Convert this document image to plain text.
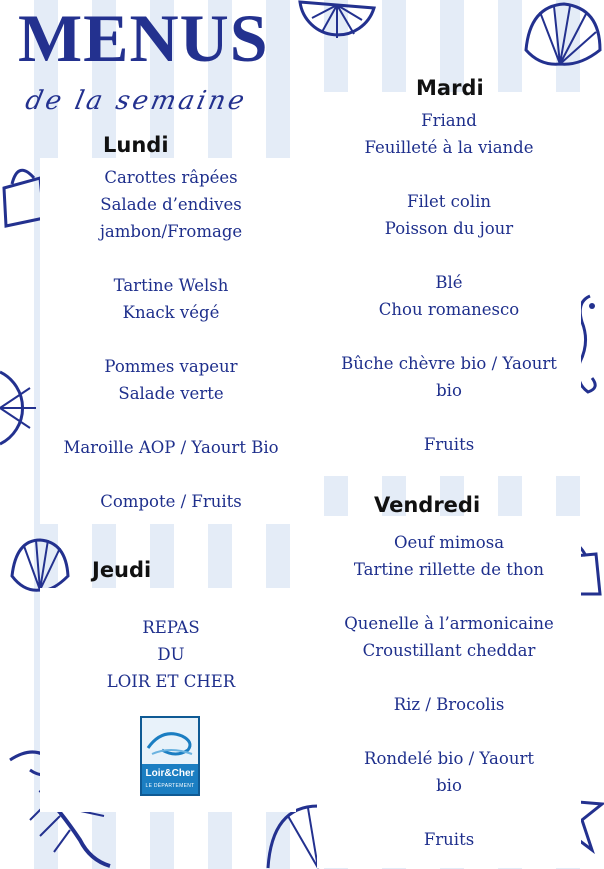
MENUS
de la semaine
Lundi
Mardi
Jeudi
Vendredi
Carottes râpées
Salade d’endives
jambon/Fromage
Tartine Welsh
Knack végé
Pommes vapeur
Salade verte
Maroille AOP / Yaourt Bio
Compote / Fruits
Friand
Feuilleté à la viande
Filet colin
Poisson du jour
Blé
Chou romanesco
Bûche chèvre bio / Yaourt
bio
Fruits
REPAS
DU
LOIR ET CHER
Oeuf mimosa
Tartine rillette de thon
Quenelle à l’armonicaine
Croustillant cheddar
Riz / Brocolis
Rondelé bio / Yaourt
bio
Fruits
Loir&Cher
LE DÉPARTEMENT
